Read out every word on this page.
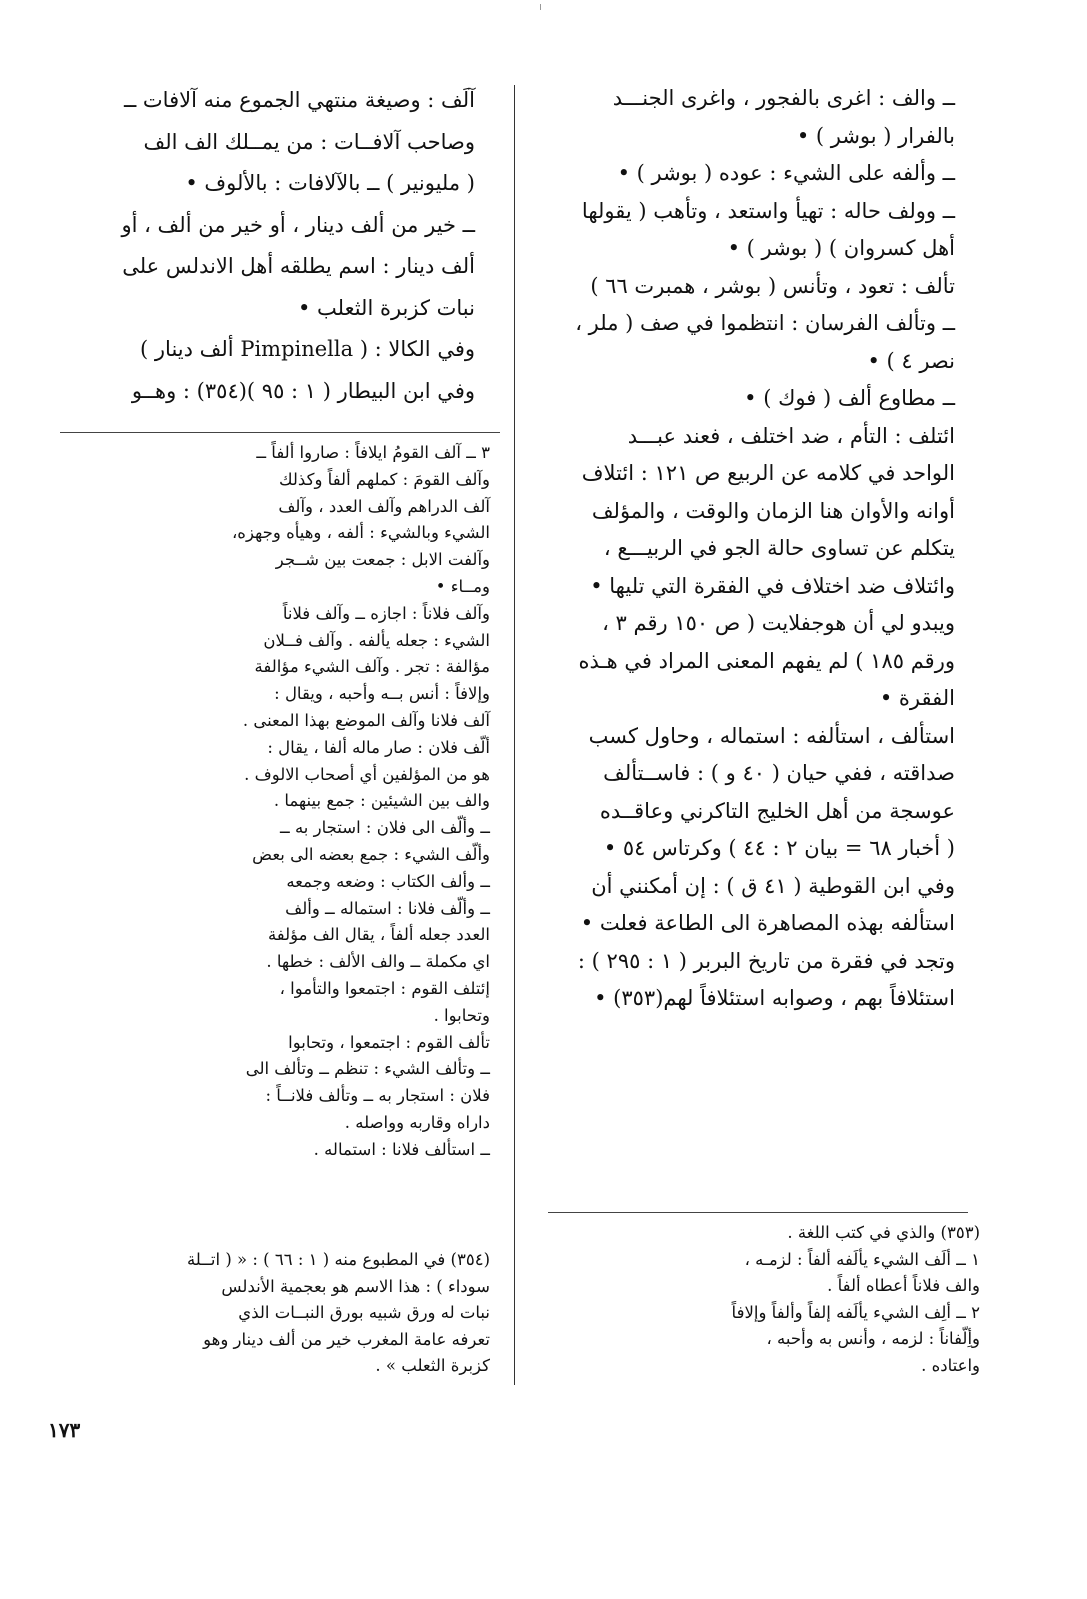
ــ والف : اغرى بالفجور ، واغرى الجنـــد

بالفرار ( بوشر ) •

ــ وألفه على الشيء : عوده ( بوشر ) •

ــ وولف حاله : تهيأ واستعد ، وتأهب ( يقولها

أهل كسروان ) ( بوشر ) •

تألف : تعود ، وتأنس ( بوشر ، همبرت ٦٦ )

ــ وتألف الفرسان : انتظموا في صف ( ملر ،

نصر ٤ ) •

ــ مطاوع ألف ( فوك ) •

ائتلف : التأم ، ضد اختلف ، فعند عبـــد

الواحد في كلامه عن الربيع ص ١٢١ : ائتلاف

أوانه والأوان هنا الزمان والوقت ، والمؤلف

يتكلم عن تساوى حالة الجو في الربيـــع ،

وائتلاف ضد اختلاف في الفقرة التي تليها •

ويبدو لي أن هوجفلايت ( ص ١٥٠ رقم ٣ ،

ورقم ١٨٥ ) لم يفهم المعنى المراد في هـذه

الفقرة •

استألف ، استألفه : استماله ، وحاول كسب

صداقته ، ففي حيان ( ٤٠ و ) : فاســتألف

عوسجة من أهل الخليج التاكرني وعاقــده

( أخبار ٦٨ = بيان ٢ : ٤٤ ) وكرتاس ٥٤ •

وفي ابن القوطية ( ٤١ ق ) : إن أمكنني أن

استألفه بهذه المصاهرة الى الطاعة فعلت •

وتجد في فقرة من تاريخ البربر ( ١ : ٢٩٥ ) :

استئلافاً بهم ، وصوابه استئلافاً لهم(٣٥٣) •

آلَف : وصيغة منتهي الجموع منه آلافات ــ

وصاحب آلافــات : من يمــلك الف الف

( مليونير ) ــ بالآلافات : بالألوف •

ــ خير من ألف دينار ، أو خير من ألف ، أو

ألف دينار : اسم يطلقه أهل الاندلس على

نبات كزبرة الثعلب •

وفي الكالا : ( Pimpinella ألف دينار )

وفي ابن البيطار ( ١ : ٩٥ )(٣٥٤) : وهــو

٣ ــ آلف القومُ ايلافاً : صاروا ألفاً ــ

وآلف القومَ : كملهم ألفاً وكذلك

آلف الدراهم وآلف العدد ، وآلف

الشيء وبالشيء : ألفه ، وهيأه وجهزه،

وآلفت الابل : جمعت بين شــجر

ومــاء •

وآلف فلاناً : اجازه ــ وآلف فلاناً

الشيء : جعله يألفه . وآلف فــلان

مؤالفة : تجر . وآلف الشيء مؤالفة

وإلافاً : أنس بــه وأحبه ، ويقال :

آلف فلانا وآلف الموضع بهذا المعنى .

ألّف فلان : صار ماله ألفا ، يقال :

هو من المؤلفين أي أصحاب الالوف .

والف بين الشيئين : جمع بينهما .

ــ وألّف الى فلان : استجار به ــ

وألّف الشيء : جمع بعضه الى بعض

ــ وألف الكتاب : وضعه وجمعه

ــ وألّف فلانا : استماله ــ وألف

العدد جعله ألفاً ، يقال الف مؤلفة

اي مكملة ــ والف الألف : خطها .

إئتلف القوم : اجتمعوا والتأموا ،

وتحابوا .

تألف القوم : اجتمعوا ، وتحابوا

ــ وتألف الشيء : تنظم ــ وتألف الى

فلان : استجار به ــ وتألف فلانــاً :

داراه وقاربه وواصله .

ــ استألف فلانا : استماله .

(٣٥٤) في المطبوع منه ( ١ : ٦٦ ) : « ( اتــلة

سوداء ) : هذا الاسم هو بعجمية الأندلس

نبات له ورق شبيه بورق النبــات الذي

تعرفه عامة المغرب خير من ألف دينار وهو

كزبرة الثعلب » .

(٣٥٣) والذي في كتب اللغة .

١ ــ ألَف الشيء يألَفه ألفاً : لزمـه ،

والف فلاناً أعطاه ألفاً .

٢ ــ ألِف الشيء يألَفه إلفاً وألفاً وإلافاً

وأِلّفاناً : لزمه ، وأنس به وأحبه ،

واعتاده .

١٧٣
